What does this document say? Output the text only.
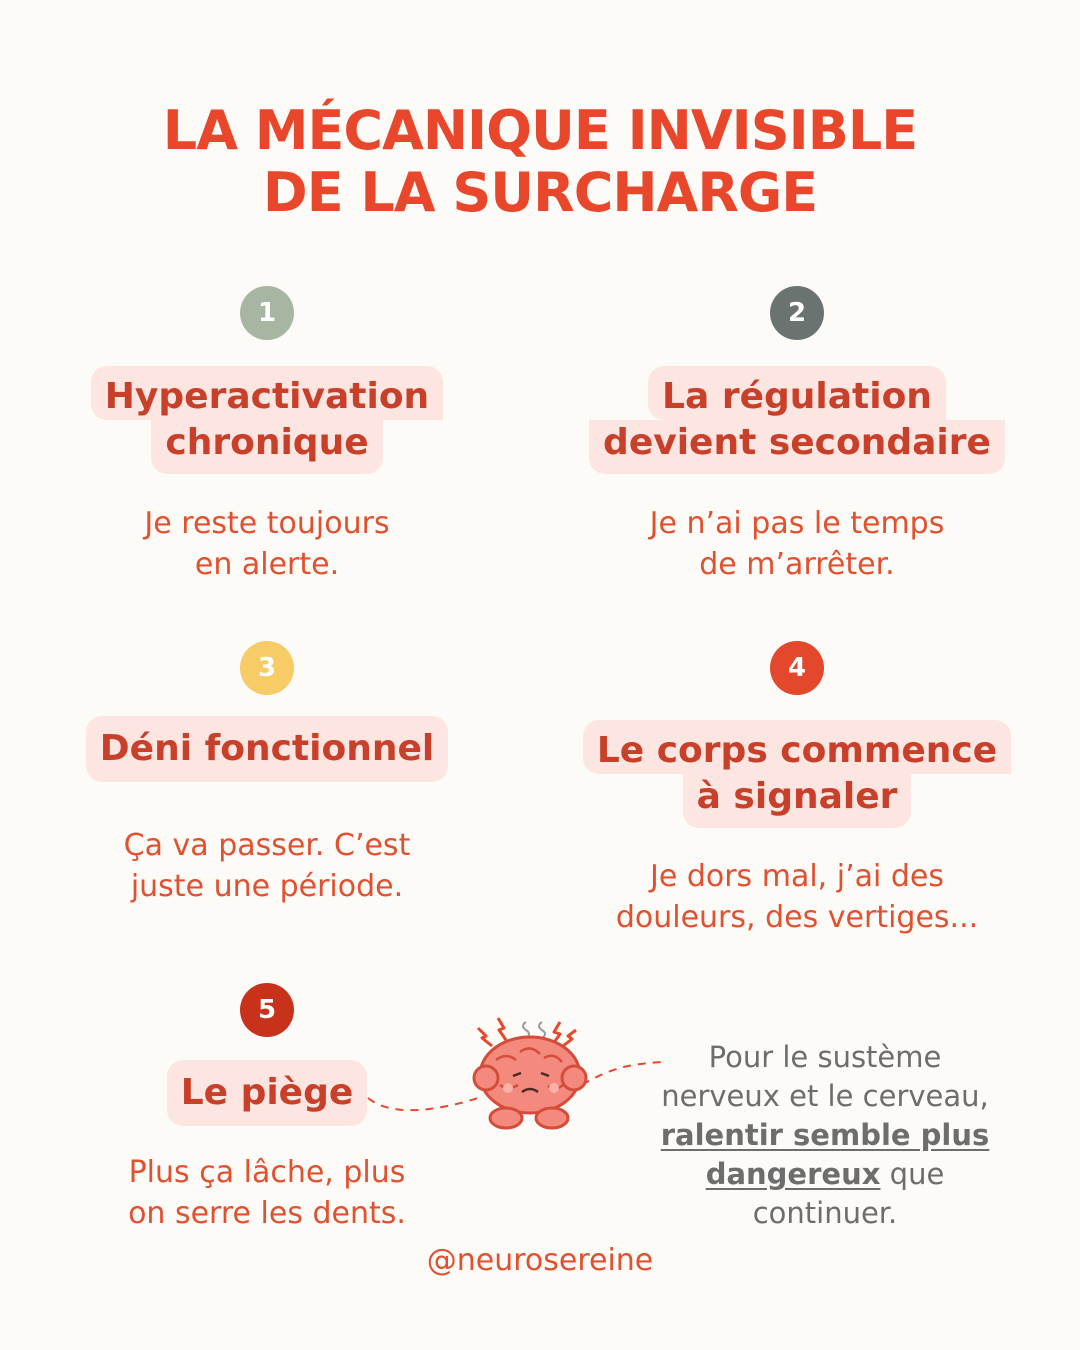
LA MÉCANIQUE INVISIBLE
DE LA SURCHARGE
1
Hyperactivation
chronique
Je reste toujours
en alerte.
2
La régulation
devient secondaire
Je n’ai pas le temps
de m’arrêter.
3
Déni fonctionnel
Ça va passer. C’est
juste une période.
4
Le corps commence
à signaler
Je dors mal, j’ai des
douleurs, des vertiges...
5
Le piège
Plus ça lâche, plus
on serre les dents.
Pour le sustème
nerveux et le cerveau,
ralentir semble plus
dangereux que
continuer.
@neurosereine
